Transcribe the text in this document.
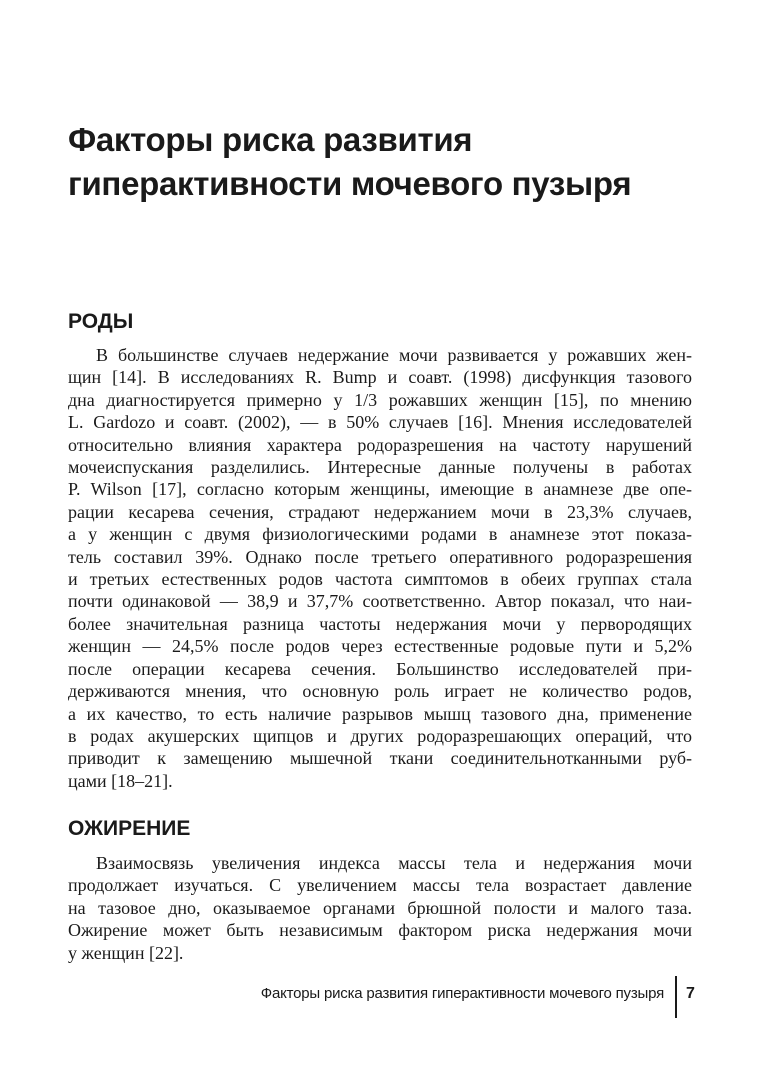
Факторы риска развития
гиперактивности мочевого пузыря
РОДЫ
В большинстве случаев недержание мочи развивается у рожавших жен-
щин [14]. В исследованиях R. Bump и соавт. (1998) дисфункция тазового
дна диагностируется примерно у 1/3 рожавших женщин [15], по мнению
L. Gardozo и соавт. (2002), — в 50% случаев [16]. Мнения исследователей
относительно влияния характера родоразрешения на частоту нарушений
мочеиспускания разделились. Интересные данные получены в работах
P. Wilson [17], согласно которым женщины, имеющие в анамнезе две опе-
рации кесарева сечения, страдают недержанием мочи в 23,3% случаев,
а у женщин с двумя физиологическими родами в анамнезе этот показа-
тель составил 39%. Однако после третьего оперативного родоразрешения
и третьих естественных родов частота симптомов в обеих группах стала
почти одинаковой — 38,9 и 37,7% соответственно. Автор показал, что наи-
более значительная разница частоты недержания мочи у первородящих
женщин — 24,5% после родов через естественные родовые пути и 5,2%
после операции кесарева сечения. Большинство исследователей при-
держиваются мнения, что основную роль играет не количество родов,
а их качество, то есть наличие разрывов мышц тазового дна, применение
в родах акушерских щипцов и других родоразрешающих операций, что
приводит к замещению мышечной ткани соединительнотканными руб-
цами [18–21].
ОЖИРЕНИЕ
Взаимосвязь увеличения индекса массы тела и недержания мочи
продолжает изучаться. С увеличением массы тела возрастает давление
на тазовое дно, оказываемое органами брюшной полости и малого таза.
Ожирение может быть независимым фактором риска недержания мочи
у женщин [22].
Факторы риска развития гиперактивности мочевого пузыря 7
